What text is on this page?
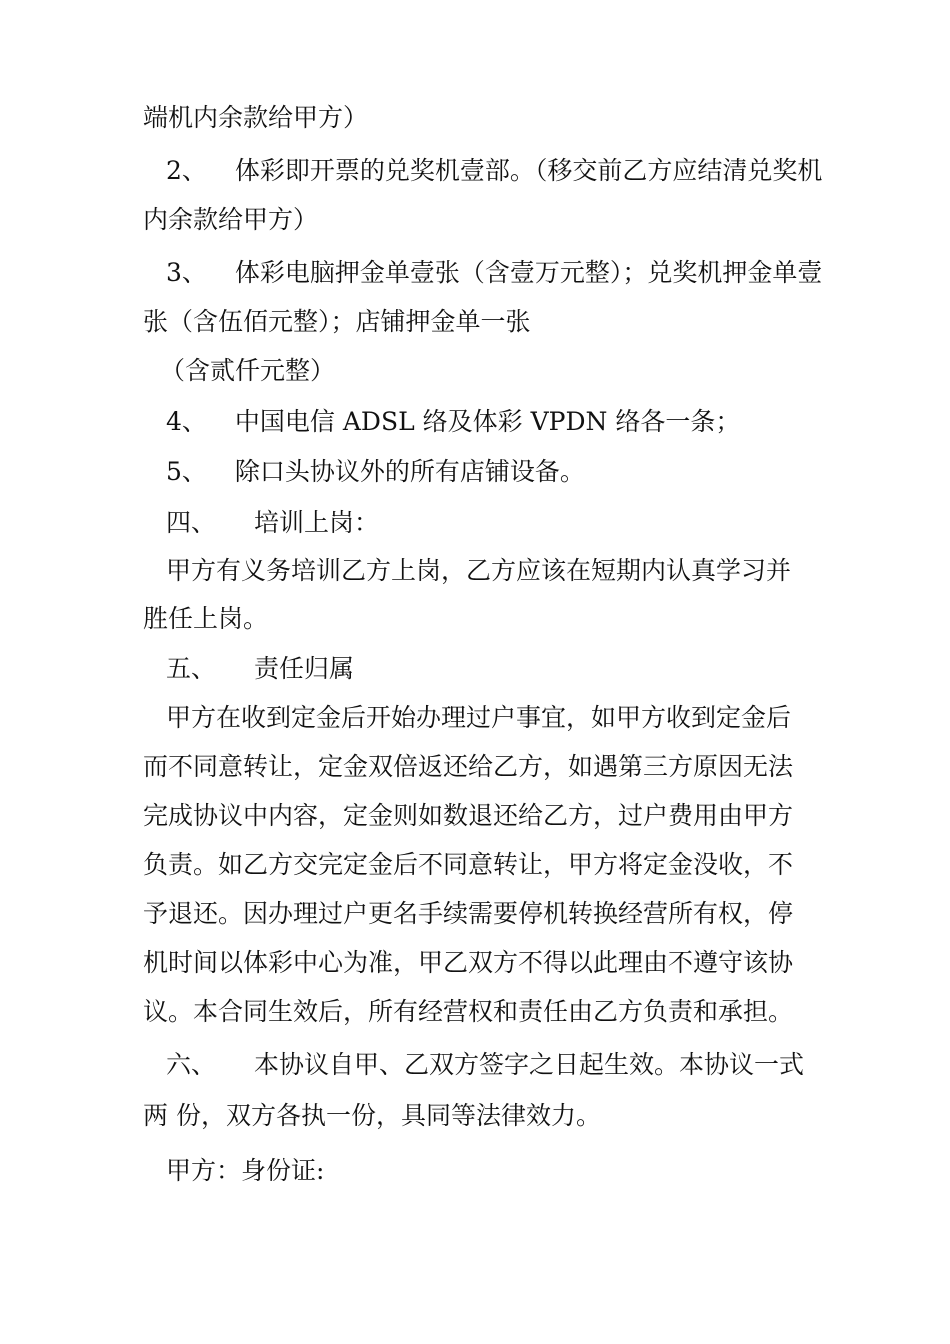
端机内余款给甲方）
2、 体彩即开票的兑奖机壹部。（移交前乙方应结清兑奖机
内余款给甲方）
3、 体彩电脑押金单壹张（含壹万元整）；兑奖机押金单壹
张（含伍佰元整）；店铺押金单一张
（含贰仟元整）
4、 中国电信 ADSL 络及体彩 VPDN 络各一条；
5、 除口头协议外的所有店铺设备。
四、 培训上岗：
甲方有义务培训乙方上岗，乙方应该在短期内认真学习并
胜任上岗。
五、 责任归属
甲方在收到定金后开始办理过户事宜，如甲方收到定金后
而不同意转让，定金双倍返还给乙方，如遇第三方原因无法
完成协议中内容，定金则如数退还给乙方，过户费用由甲方
负责。如乙方交完定金后不同意转让，甲方将定金没收，不
予退还。因办理过户更名手续需要停机转换经营所有权，停
机时间以体彩中心为准，甲乙双方不得以此理由不遵守该协
议。本合同生效后，所有经营权和责任由乙方负责和承担。
六、 本协议自甲、乙双方签字之日起生效。本协议一式
两 份，双方各执一份，具同等法律效力。
甲方：身份证:
